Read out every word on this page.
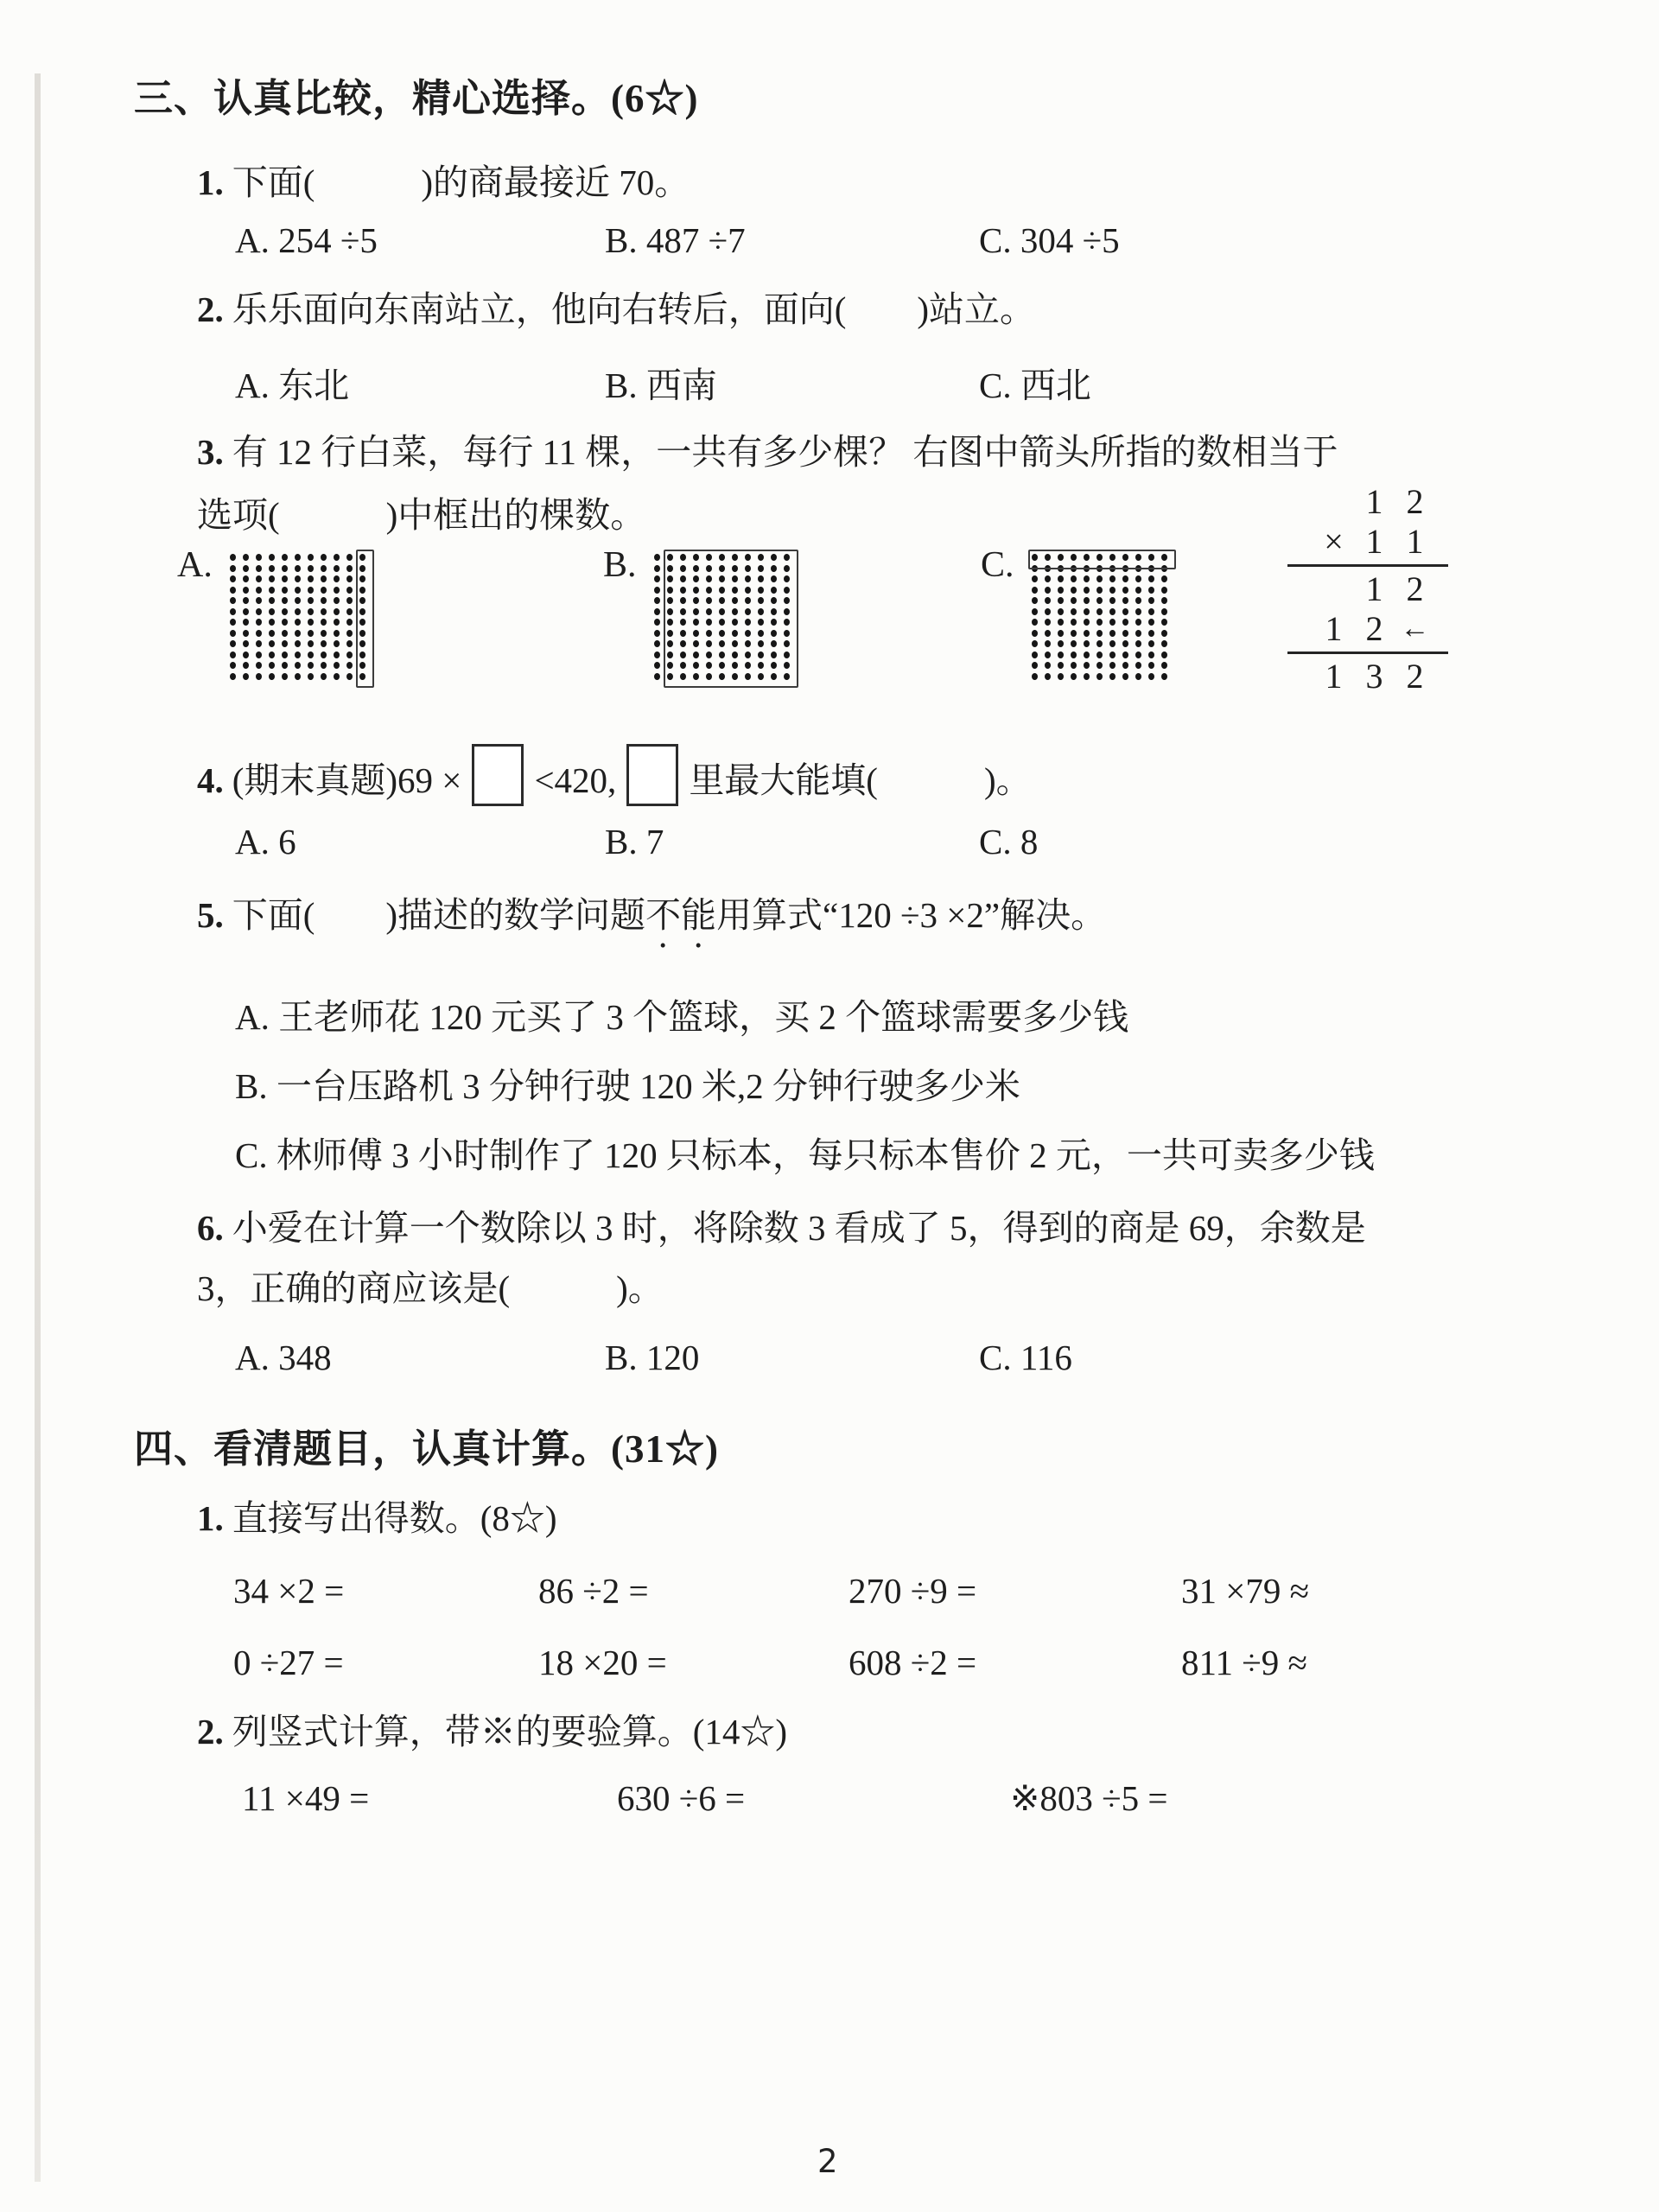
三、认真比较，精心选择。(6☆)
1. 下面(　　　)的商最接近 70。
A. 254 ÷5	B. 487 ÷7	C. 304 ÷5
2. 乐乐面向东南站立，他向右转后，面向(　　)站立。
A. 东北	B. 西南	C. 西北
3. 有 12 行白菜，每行 11 棵，一共有多少棵？ 右图中箭头所指的数相当于
选项(　　　)中框出的棵数。
A.	B.	C.
1 2
× 1 1
1 2
1 2 ←
1 3 2
4. (期末真题)69 × <420, 里最大能填(　　　)。
A. 6	B. 7	C. 8
5. 下面(　　)描述的数学问题不能用算式“120 ÷3 ×2”解决。
A. 王老师花 120 元买了 3 个篮球，买 2 个篮球需要多少钱
B. 一台压路机 3 分钟行驶 120 米,2 分钟行驶多少米
C. 林师傅 3 小时制作了 120 只标本，每只标本售价 2 元，一共可卖多少钱
6. 小爱在计算一个数除以 3 时，将除数 3 看成了 5，得到的商是 69，余数是
3，正确的商应该是(　　　)。
A. 348	B. 120	C. 116
四、看清题目，认真计算。(31☆)
1. 直接写出得数。(8☆)
34 ×2 =	86 ÷2 =	270 ÷9 =	31 ×79 ≈
0 ÷27 =	18 ×20 =	608 ÷2 =	811 ÷9 ≈
2. 列竖式计算，带※的要验算。(14☆)
11 ×49 =	630 ÷6 =	※803 ÷5 =
2
